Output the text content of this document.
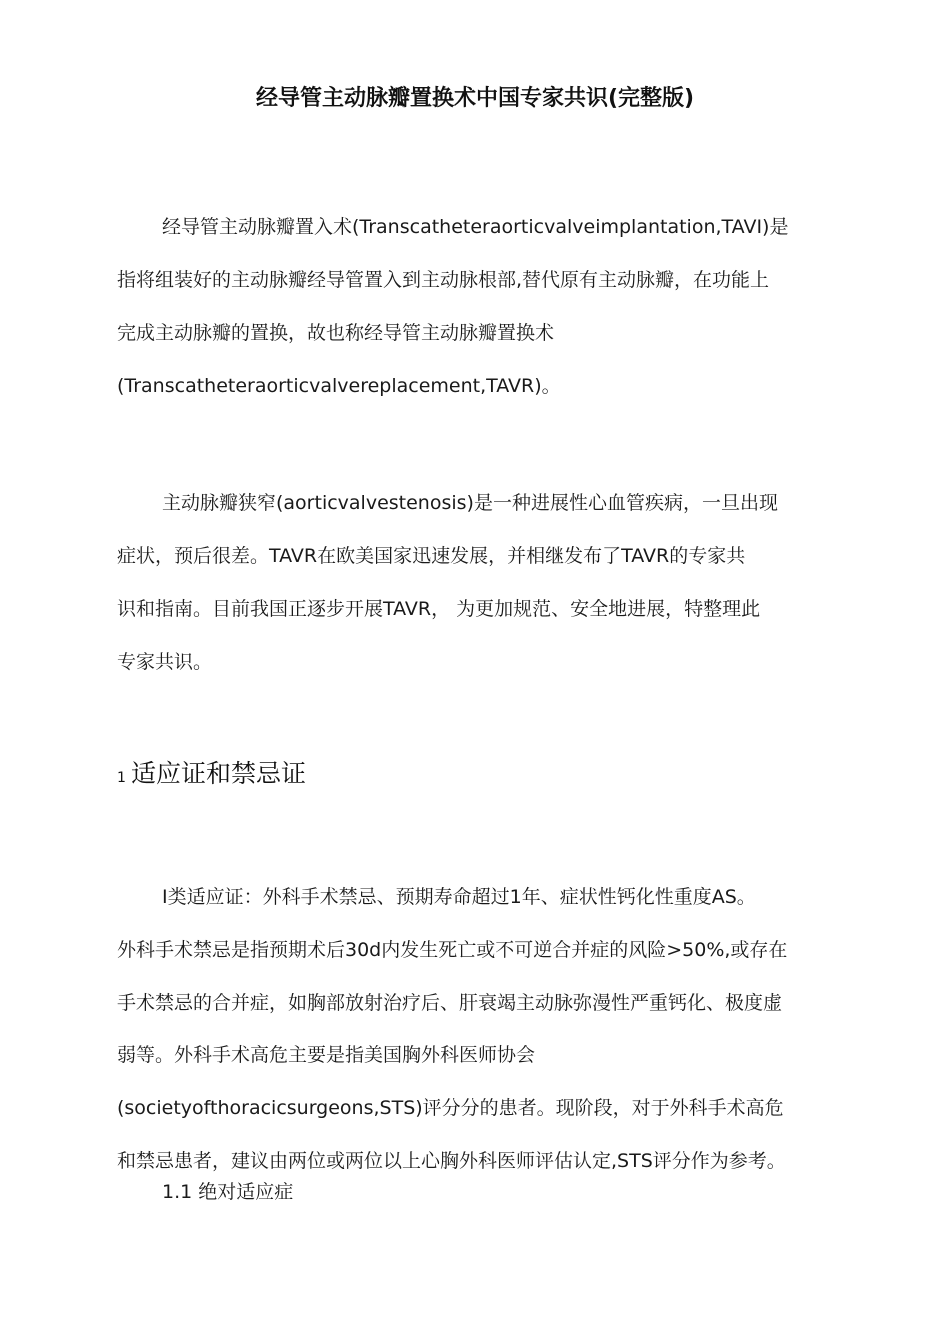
经导管主动脉瓣置换术中国专家共识(完整版)
经导管主动脉瓣置入术(Transcatheteraorticvalveimplantation,TAVI)是
指将组装好的主动脉瓣经导管置入到主动脉根部,替代原有主动脉瓣，在功能上
完成主动脉瓣的置换，故也称经导管主动脉瓣置换术
(Transcatheteraorticvalvereplacement,TAVR)。
主动脉瓣狭窄(aorticvalvestenosis)是一种进展性心血管疾病，一旦出现
症状，预后很差。TAVR在欧美国家迅速发展，并相继发布了TAVR的专家共
识和指南。目前我国正逐步开展TAVR， 为更加规范、安全地进展，特整理此
专家共识。
1 适应证和禁忌证
I类适应证：外科手术禁忌、预期寿命超过1年、症状性钙化性重度AS。
外科手术禁忌是指预期术后30d内发生死亡或不可逆合并症的风险>50%,或存在
手术禁忌的合并症，如胸部放射治疗后、肝衰竭主动脉弥漫性严重钙化、极度虚
弱等。外科手术高危主要是指美国胸外科医师协会
(societyofthoracicsurgeons,STS)评分分的患者。现阶段，对于外科手术高危
和禁忌患者，建议由两位或两位以上心胸外科医师评估认定,STS评分作为参考。
1.1 绝对适应症
